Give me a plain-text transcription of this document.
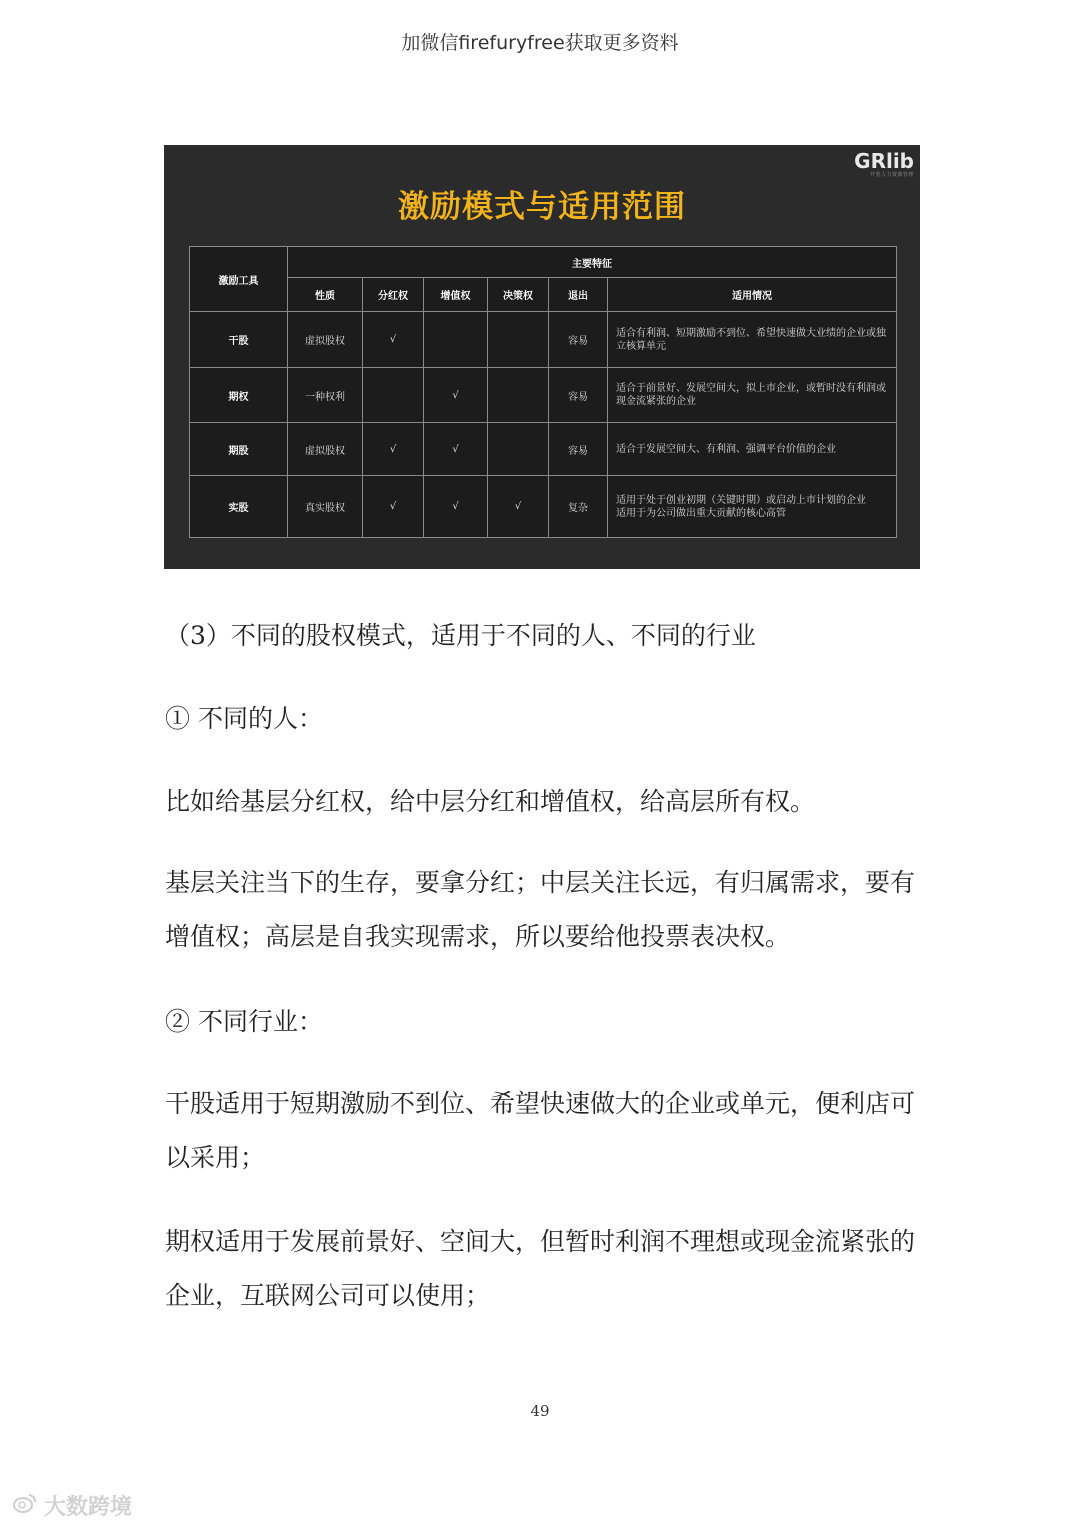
加微信firefuryfree获取更多资料
GRlib
开卷人力资源管理
激励模式与适用范围
激励工具	主要特征					
	性质	分红权	增值权	决策权	退出	适用情况
干股	虚拟股权	√			容易	适合有利润、短期激励不到位、希望快速做大业绩的企业或独立核算单元
期权	一种权利		√		容易	适合于前景好、发展空间大，拟上市企业，或暂时没有利润或现金流紧张的企业
期股	虚拟股权	√	√		容易	适合于发展空间大、有利润、强调平台价值的企业
实股	真实股权	√	√	√	复杂	适用于处于创业初期（关键时期）或启动上市计划的企业
适用于为公司做出重大贡献的核心高管

（3）不同的股权模式，适用于不同的人、不同的行业

① 不同的人：

比如给基层分红权，给中层分红和增值权，给高层所有权。

基层关注当下的生存，要拿分红；中层关注长远，有归属需求，要有增值权；高层是自我实现需求，所以要给他投票表决权。

② 不同行业：

干股适用于短期激励不到位、希望快速做大的企业或单元，便利店可以采用；

期权适用于发展前景好、空间大，但暂时利润不理想或现金流紧张的企业，互联网公司可以使用；

49
大数跨境
